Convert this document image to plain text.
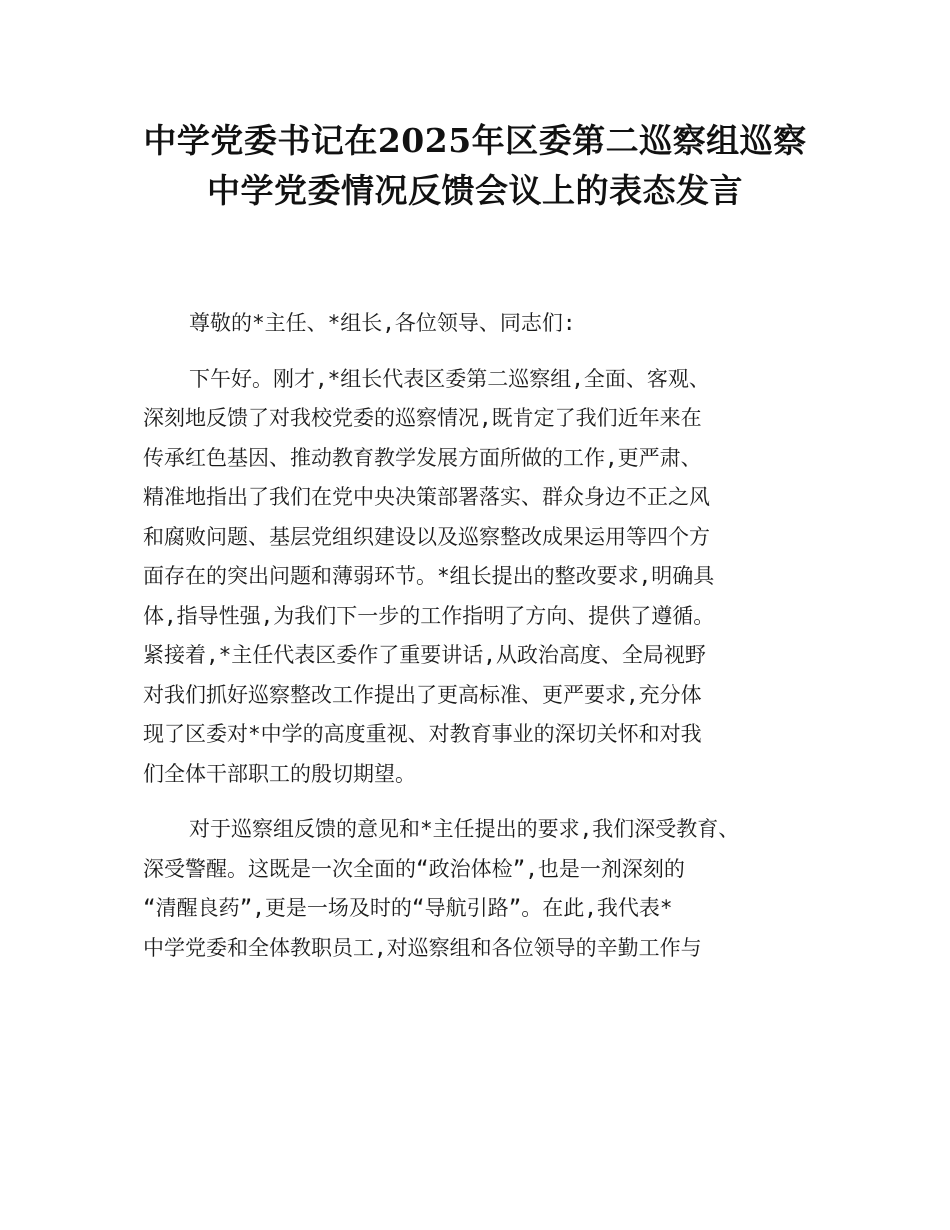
中学党委书记在2025年区委第二巡察组巡察
中学党委情况反馈会议上的表态发言
尊敬的*主任、*组长,各位领导、同志们:
下午好。刚才,*组长代表区委第二巡察组,全面、客观、
深刻地反馈了对我校党委的巡察情况,既肯定了我们近年来在
传承红色基因、推动教育教学发展方面所做的工作,更严肃、
精准地指出了我们在党中央决策部署落实、群众身边不正之风
和腐败问题、基层党组织建设以及巡察整改成果运用等四个方
面存在的突出问题和薄弱环节。*组长提出的整改要求,明确具
体,指导性强,为我们下一步的工作指明了方向、提供了遵循。
紧接着,*主任代表区委作了重要讲话,从政治高度、全局视野
对我们抓好巡察整改工作提出了更高标准、更严要求,充分体
现了区委对*中学的高度重视、对教育事业的深切关怀和对我
们全体干部职工的殷切期望。
对于巡察组反馈的意见和*主任提出的要求,我们深受教育、
深受警醒。这既是一次全面的“政治体检”,也是一剂深刻的
“清醒良药”,更是一场及时的“导航引路”。在此,我代表*
中学党委和全体教职员工,对巡察组和各位领导的辛勤工作与
